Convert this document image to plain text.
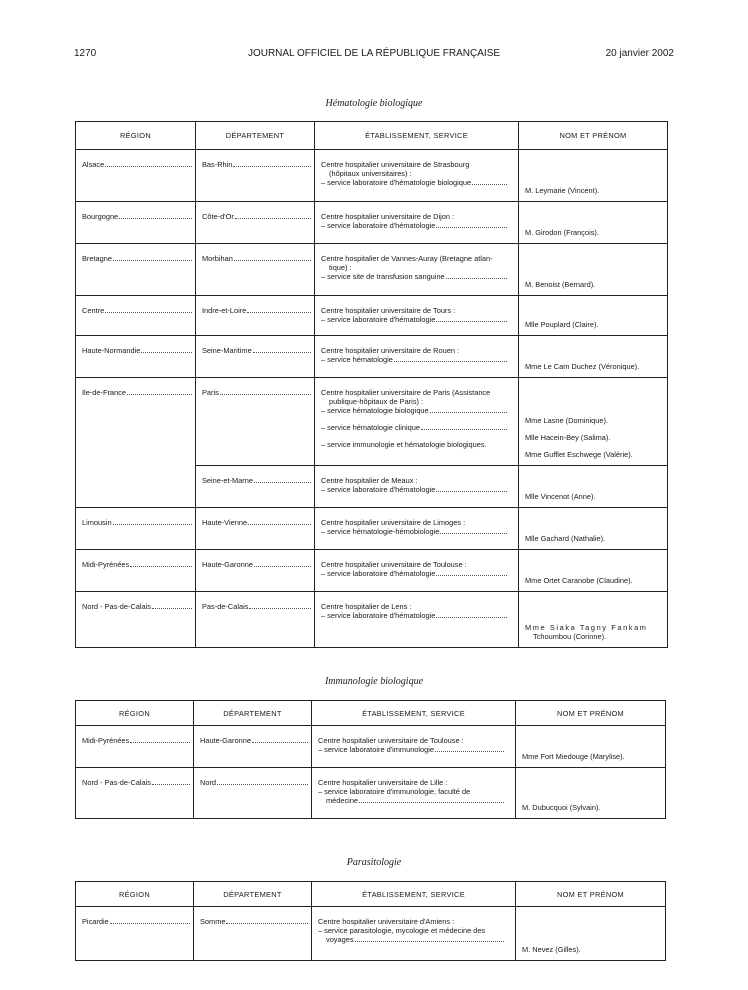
1270	JOURNAL OFFICIEL DE LA RÉPUBLIQUE FRANÇAISE	20 janvier 2002
Hématologie biologique
RÉGION	DÉPARTEMENT	ÉTABLISSEMENT, SERVICE	NOM ET PRÉNOM

Alsace	Bas-Rhin	Centre hospitalier universitaire de Strasbourg
(hôpitaux universitaires) :
– service laboratoire d'hématologie biologique	M. Leymarie (Vincent).

Bourgogne	Côte-d'Or	Centre hospitalier universitaire de Dijon :
– service laboratoire d'hématologie	M. Girodon (François).

Bretagne	Morbihan	Centre hospitalier de Vannes-Auray (Bretagne atlan-
tique) :
– service site de transfusion sanguine	M. Benoist (Bernard).

Centre	Indre-et-Loire	Centre hospitalier universitaire de Tours :
– service laboratoire d'hématologie	Mlle Pouplard (Claire).

Haute-Normandie	Seine-Maritime	Centre hospitalier universitaire de Rouen :
– service hématologie	Mme Le Cam Duchez (Véronique).

Ile-de-France	Paris	Centre hospitalier universitaire de Paris (Assistance
publique-hôpitaux de Paris) :
– service hématologie biologique
– service hématologie clinique
– service immunologie et hématologie biologiques.	Mme Lasne (Dominique).
Mlle Hacein-Bey (Salima).
Mme Gufflet Eschwege (Valérie).

	Seine-et-Marne	Centre hospitalier de Meaux :
– service laboratoire d'hématologie	Mlle Vincenot (Anne).

Limousin	Haute-Vienne	Centre hospitalier universitaire de Limoges :
– service hématologie-hémobiologie	Mlle Gachard (Nathalie).

Midi-Pyrénées	Haute-Garonne	Centre hospitalier universitaire de Toulouse :
– service laboratoire d'hématologie	Mme Ortet Caranobe (Claudine).

Nord - Pas-de-Calais	Pas-de-Calais	Centre hospitalier de Lens :
– service laboratoire d'hématologie	Mme Siaka Tagny Fankam
Tchoumbou (Corinne).
Immunologie biologique
RÉGION	DÉPARTEMENT	ÉTABLISSEMENT, SERVICE	NOM ET PRÉNOM

Midi-Pyrénées	Haute-Garonne	Centre hospitalier universitaire de Toulouse :
– service laboratoire d'immunologie	Mme Fort Miedouge (Marylise).

Nord - Pas-de-Calais	Nord	Centre hospitalier universitaire de Lille :
– service laboratoire d'immunologie, faculté de
médecine	M. Dubucquoi (Sylvain).
Parasitologie
RÉGION	DÉPARTEMENT	ÉTABLISSEMENT, SERVICE	NOM ET PRÉNOM

Picardie	Somme	Centre hospitalier universitaire d'Amiens :
– service parasitologie, mycologie et médecine des
voyages	M. Nevez (Gilles).
